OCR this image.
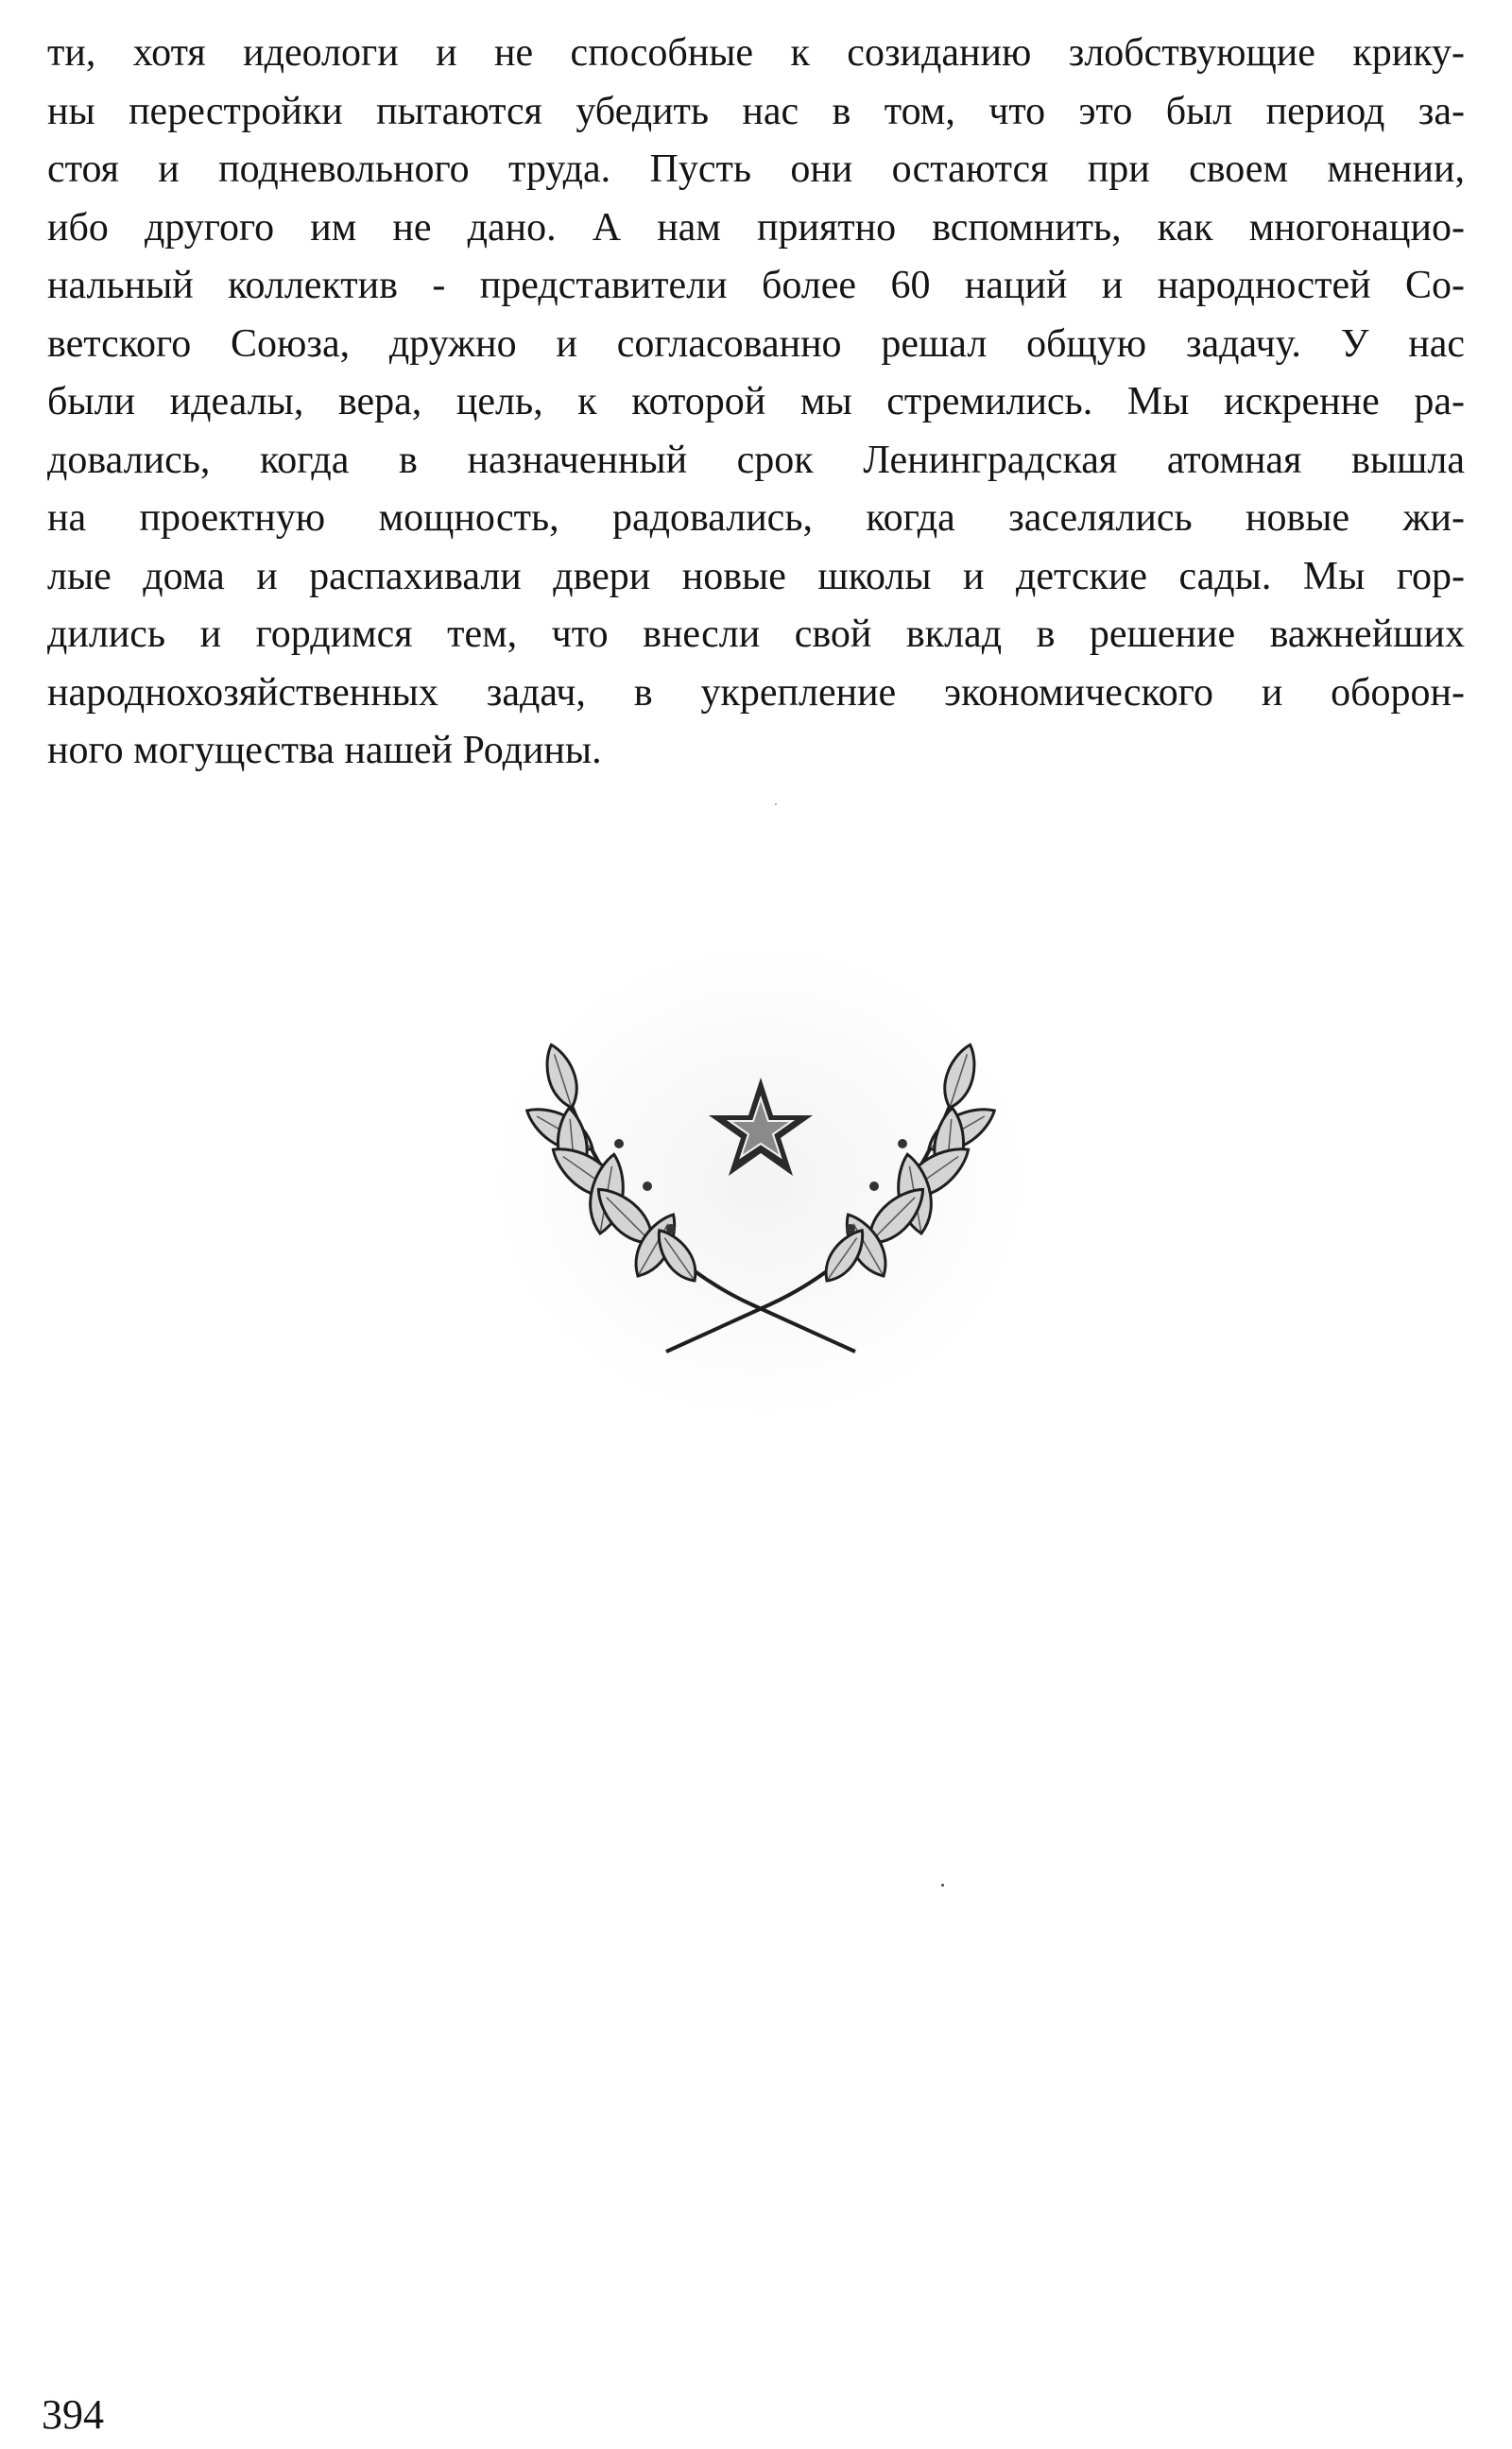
ти, хотя идеологи и не способные к созиданию злобствующие крику-
ны перестройки пытаются убедить нас в том, что это был период за-
стоя и подневольного труда. Пусть они остаются при своем мнении,
ибо другого им не дано. А нам приятно вспомнить, как многонацио-
нальный коллектив - представители более 60 наций и народностей Со-
ветского Союза, дружно и согласованно решал общую задачу. У нас
были идеалы, вера, цель, к которой мы стремились. Мы искренне ра-
довались, когда в назначенный срок Ленинградская атомная вышла
на проектную мощность, радовались, когда заселялись новые жи-
лые дома и распахивали двери новые школы и детские сады. Мы гор-
дились и гордимся тем, что внесли свой вклад в решение важнейших
народнохозяйственных задач, в укрепление экономического и оборон-
ного могущества нашей Родины.
394
